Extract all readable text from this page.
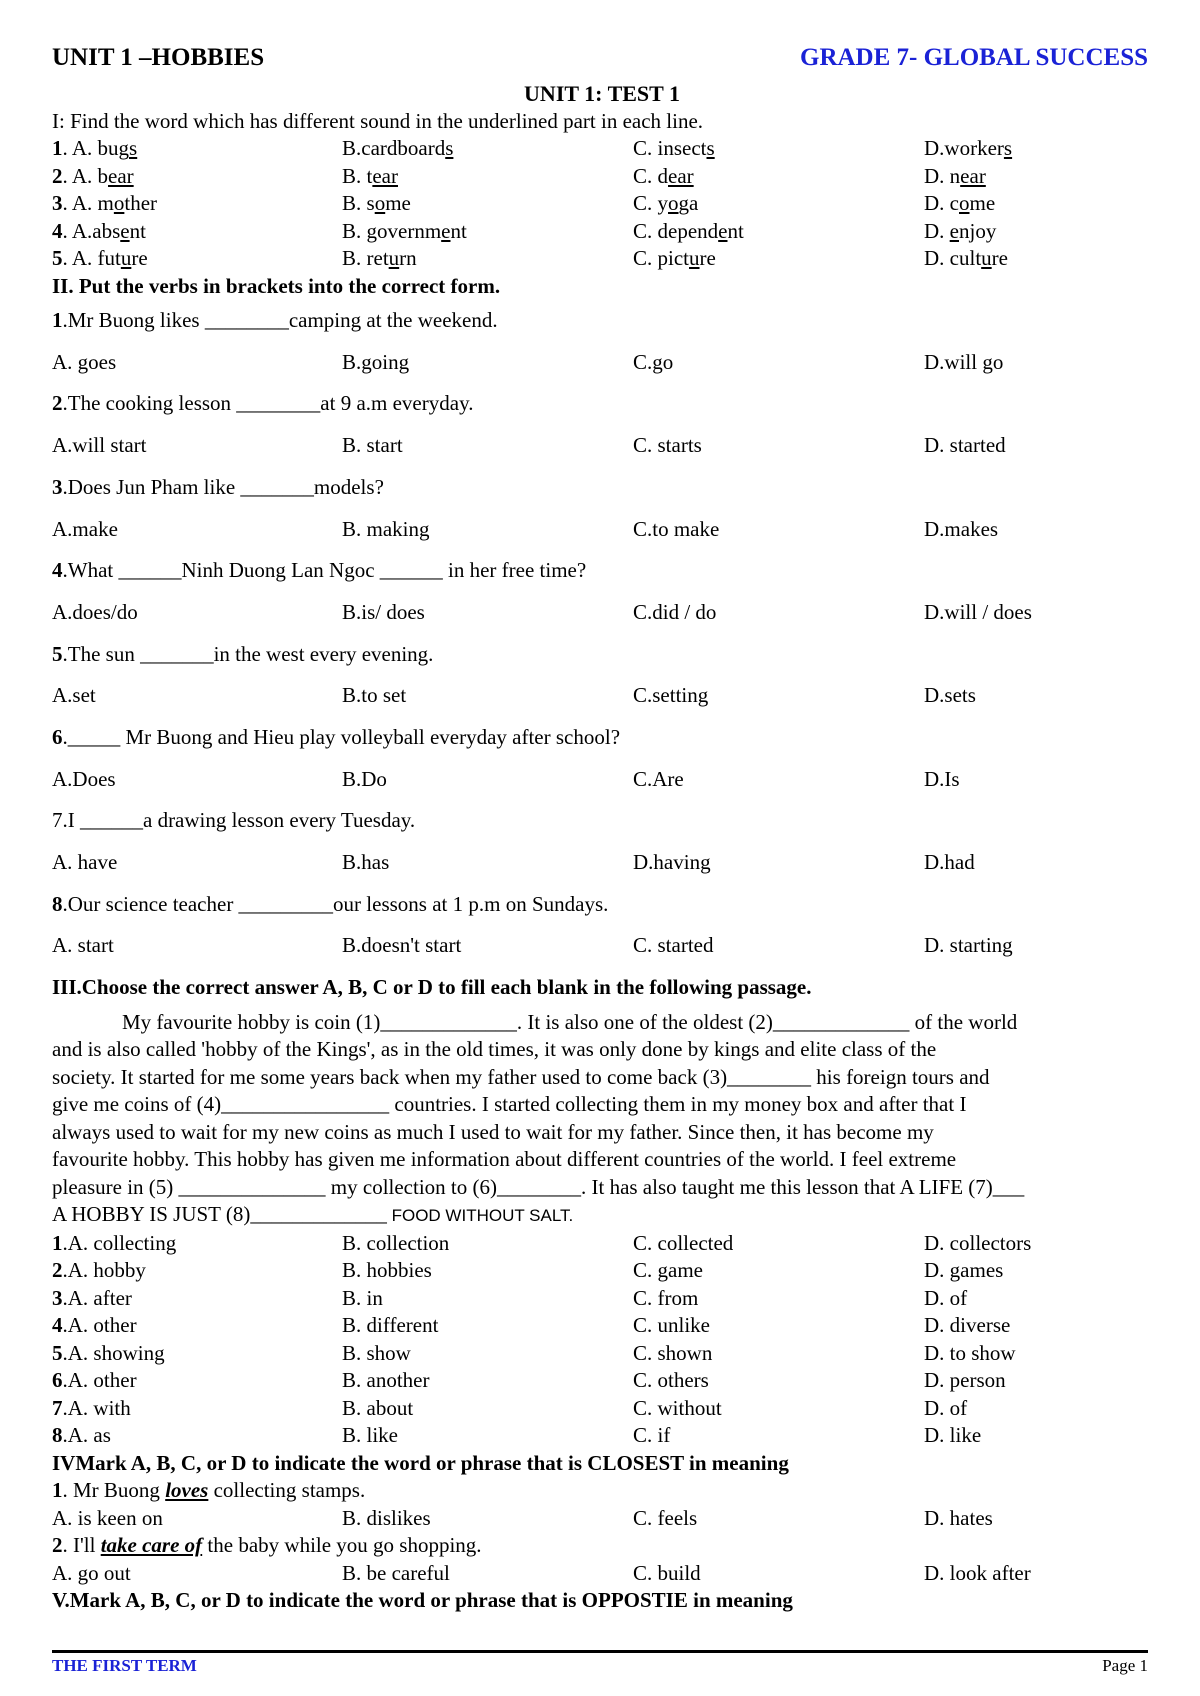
UNIT 1 –HOBBIES	GRADE 7- GLOBAL SUCCESS
UNIT 1: TEST 1
I: Find the word which has different sound in the underlined part in each line.
1. A. bugs	B.cardboards	C. insects	D.workers
2. A. bear	B. tear	C. dear	D. near
3. A. mother	B. some	C. yoga	D. come
4. A.absent	B. government	C. dependent	D. enjoy
5. A. future	B. return	C. picture	D. culture
II. Put the verbs in brackets into the correct form.
1 .Mr Buong likes ________camping at the weekend.
A. goes	B.going	C.go	D.will go
2 .The cooking lesson ________at 9 a.m everyday.
A.will start	B. start	C. starts	D. started
3 .Does Jun Pham like _______models?
A.make	B. making	C.to make	D.makes
4 .What ______Ninh Duong Lan Ngoc ______ in her free time?
A.does/do	B.is/ does	C.did / do	D.will / does
5 .The sun _______in the west every evening.
A.set	B.to set	C.setting	D.sets
6 ._____ Mr Buong and Hieu play volleyball everyday after school?
A.Does	B.Do	C.Are	D.Is
7.I ______a drawing lesson every Tuesday.
A. have	B.has	D.having	D.had
8 .Our science teacher _________our lessons at 1 p.m on Sundays.
A. start	B.doesn't start	C. started	D. starting
III.Choose the correct answer A, B, C or D to fill each blank in the following passage.
My favourite hobby is coin (1)_____________. It is also one of the oldest (2)_____________ of the world
and is also called 'hobby of the Kings', as in the old times, it was only done by kings and elite class of the
society. It started for me some years back when my father used to come back (3)________ his foreign tours and
give me coins of (4)________________ countries. I started collecting them in my money box and after that I
always used to wait for my new coins as much I used to wait for my father. Since then, it has become my
favourite hobby. This hobby has given me information about different countries of the world. I feel extreme
pleasure in (5) ______________ my collection to (6)________. It has also taught me this lesson that A LIFE (7)___
A HOBBY IS JUST (8)_____________ FOOD WITHOUT SALT.
1.A. collecting	B. collection	C. collected	D. collectors
2.A. hobby	B. hobbies	C. game	D. games
3.A. after	B. in	C. from	D. of
4.A. other	B. different	C. unlike	D. diverse
5.A. showing	B. show	C. shown	D. to show
6.A. other	B. another	C. others	D. person
7.A. with	B. about	C. without	D. of
8.A. as	B. like	C. if	D. like
IVMark A, B, C, or D to indicate the word or phrase that is CLOSEST in meaning
1. Mr Buong loves collecting stamps.
A. is keen on	B. dislikes	C. feels	D. hates
2. I'll take care of the baby while you go shopping.
A. go out	B. be careful	C. build	D. look after
V.Mark A, B, C, or D to indicate the word or phrase that is OPPOSTIE in meaning
THE FIRST TERM	Page 1
